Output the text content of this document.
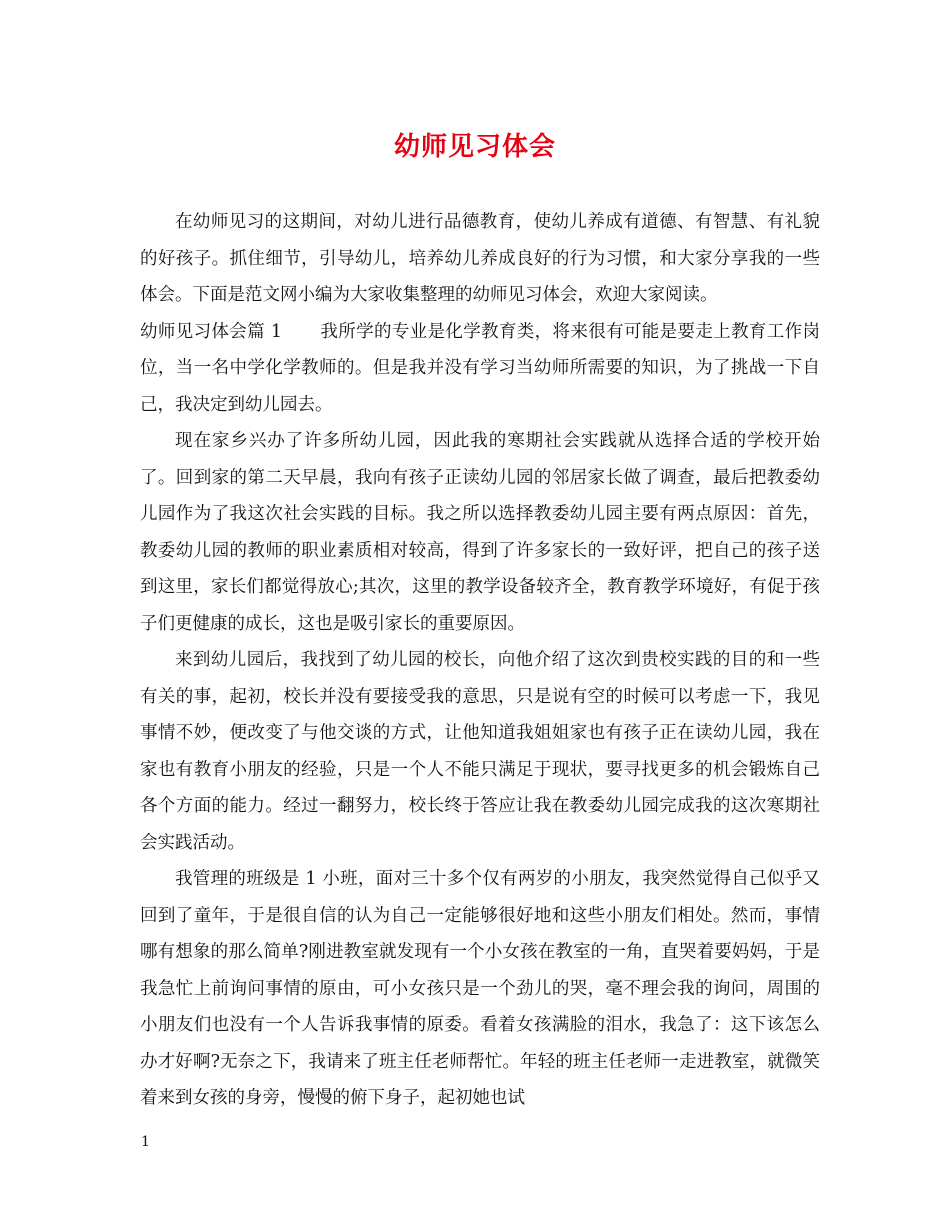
幼师见习体会

在幼师见习的这期间，对幼儿进行品德教育，使幼儿养成有道德、有智慧、有礼貌的好孩子。抓住细节，引导幼儿，培养幼儿养成良好的行为习惯，和大家分享我的一些体会。下面是范文网小编为大家收集整理的幼师见习体会，欢迎大家阅读。

幼师见习体会篇 1 我所学的专业是化学教育类，将来很有可能是要走上教育工作岗位，当一名中学化学教师的。但是我并没有学习当幼师所需要的知识，为了挑战一下自己，我决定到幼儿园去。

现在家乡兴办了许多所幼儿园，因此我的寒期社会实践就从选择合适的学校开始了。回到家的第二天早晨，我向有孩子正读幼儿园的邻居家长做了调查，最后把教委幼儿园作为了我这次社会实践的目标。我之所以选择教委幼儿园主要有两点原因：首先，教委幼儿园的教师的职业素质相对较高，得到了许多家长的一致好评，把自己的孩子送到这里，家长们都觉得放心;其次，这里的教学设备较齐全，教育教学环境好，有促于孩子们更健康的成长，这也是吸引家长的重要原因。

来到幼儿园后，我找到了幼儿园的校长，向他介绍了这次到贵校实践的目的和一些有关的事，起初，校长并没有要接受我的意思，只是说有空的时候可以考虑一下，我见事情不妙，便改变了与他交谈的方式，让他知道我姐姐家也有孩子正在读幼儿园，我在家也有教育小朋友的经验，只是一个人不能只满足于现状，要寻找更多的机会锻炼自己各个方面的能力。经过一翻努力，校长终于答应让我在教委幼儿园完成我的这次寒期社会实践活动。

我管理的班级是 1 小班，面对三十多个仅有两岁的小朋友，我突然觉得自己似乎又回到了童年，于是很自信的认为自己一定能够很好地和这些小朋友们相处。然而，事情哪有想象的那么简单?刚进教室就发现有一个小女孩在教室的一角，直哭着要妈妈，于是我急忙上前询问事情的原由，可小女孩只是一个劲儿的哭，毫不理会我的询问，周围的小朋友们也没有一个人告诉我事情的原委。看着女孩满脸的泪水，我急了：这下该怎么办才好啊?无奈之下，我请来了班主任老师帮忙。年轻的班主任老师一走进教室，就微笑着来到女孩的身旁，慢慢的俯下身子，起初她也试

1
